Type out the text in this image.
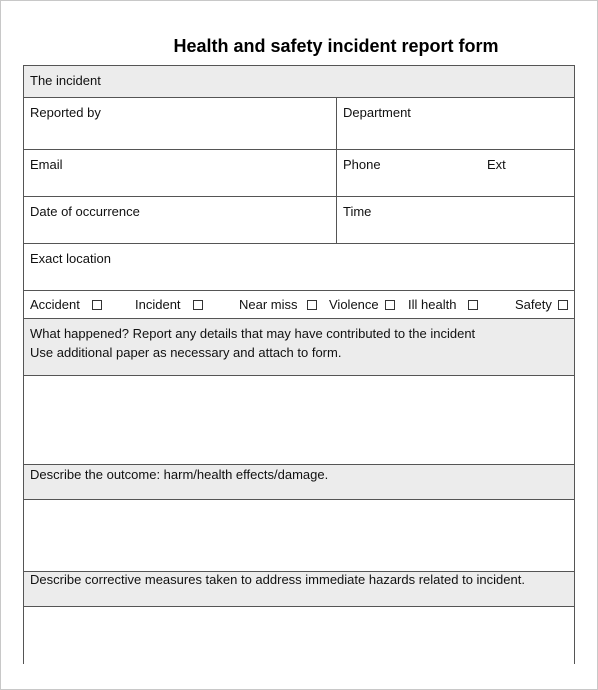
Health and safety incident report form
The incident
Reported by	Department
Email	Phone	Ext
Date of occurrence	Time
Exact location
Accident	Incident	Near miss Violence Ill health	Safety
What happened? Report any details that may have contributed to the incident
Use additional paper as necessary and attach to form.
Describe the outcome: harm/health effects/damage.
Describe corrective measures taken to address immediate hazards related to incident.
